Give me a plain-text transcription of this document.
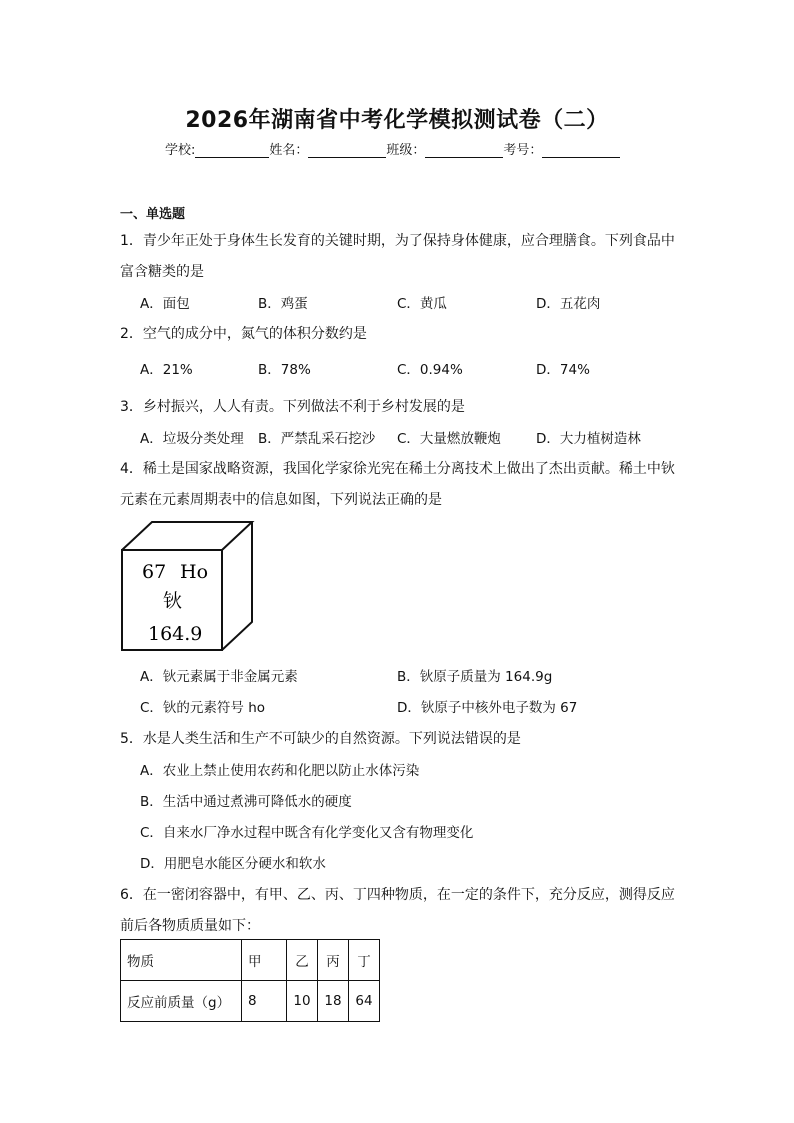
2026年湖南省中考化学模拟测试卷（二）
学校:	姓名：	班级：	考号：
一、单选题
1．青少年正处于身体生长发育的关键时期，为了保持身体健康，应合理膳食。下列食品中
富含糖类的是
A．面包	B．鸡蛋	C．黄瓜	D．五花肉
2．空气的成分中，氮气的体积分数约是
A．21%	B．78%	C．0.94%	D．74%
3．乡村振兴，人人有责。下列做法不利于乡村发展的是
A．垃圾分类处理 B．严禁乱采石挖沙 C．大量燃放鞭炮	D．大力植树造林
4．稀土是国家战略资源，我国化学家徐光宪在稀土分离技术上做出了杰出贡献。稀土中钬
元素在元素周期表中的信息如图，下列说法正确的是
67 Ho
钬
164.9
A．钬元素属于非金属元素	B．钬原子质量为 164.9g
C．钬的元素符号 ho	D．钬原子中核外电子数为 67
5．水是人类生活和生产不可缺少的自然资源。下列说法错误的是
A．农业上禁止使用农药和化肥以防止水体污染
B．生活中通过煮沸可降低水的硬度
C．自来水厂净水过程中既含有化学变化又含有物理变化
D．用肥皂水能区分硬水和软水
6．在一密闭容器中，有甲、乙、丙、丁四种物质，在一定的条件下，充分反应，测得反应
前后各物质质量如下：
物质	甲	乙	丙	丁
反应前质量（g）	8	10	18	64
